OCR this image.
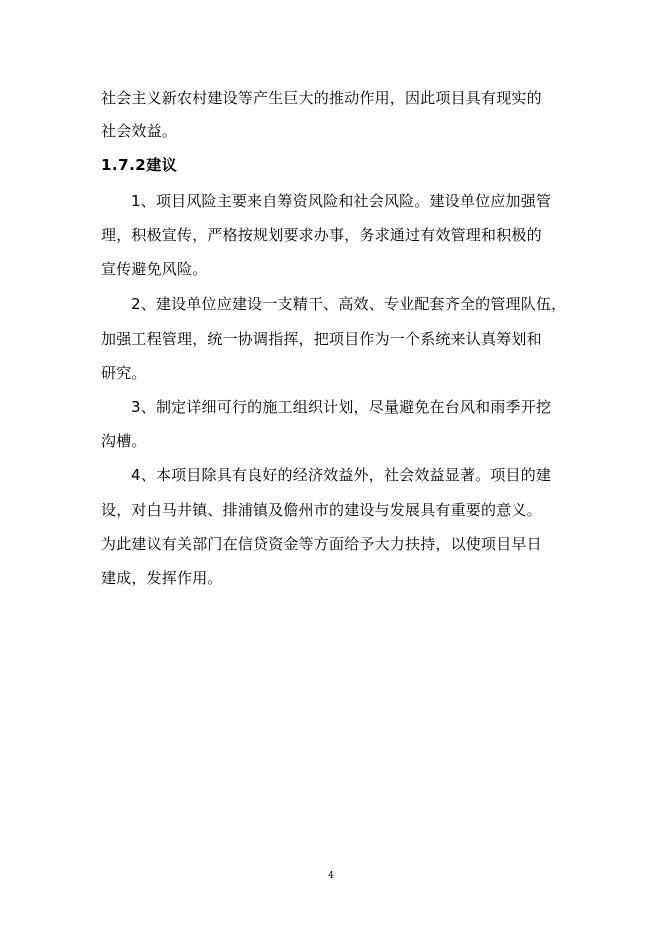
社会主义新农村建设等产生巨大的推动作用，因此项目具有现实的
社会效益。
1.7.2建议
1、项目风险主要来自筹资风险和社会风险。建设单位应加强管
理，积极宣传，严格按规划要求办事，务求通过有效管理和积极的
宣传避免风险。
2、建设单位应建设一支精干、高效、专业配套齐全的管理队伍，
加强工程管理，统一协调指挥，把项目作为一个系统来认真筹划和
研究。
3、制定详细可行的施工组织计划，尽量避免在台风和雨季开挖
沟槽。
4、本项目除具有良好的经济效益外，社会效益显著。项目的建
设，对白马井镇、排浦镇及儋州市的建设与发展具有重要的意义。
为此建议有关部门在信贷资金等方面给予大力扶持，以使项目早日
建成，发挥作用。
4
